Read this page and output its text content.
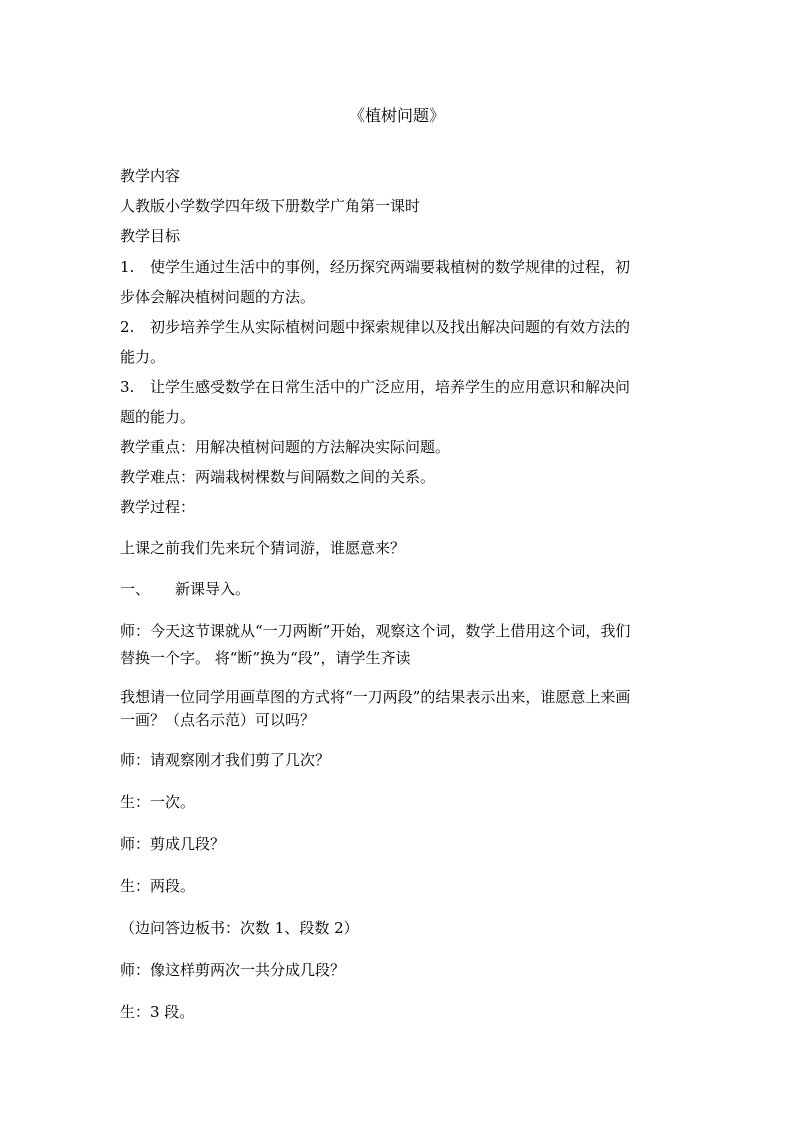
《植树问题》
教学内容
人教版小学数学四年级下册数学广角第一课时
教学目标
1. 使学生通过生活中的事例，经历探究两端要栽植树的数学规律的过程，初
步体会解决植树问题的方法。
2. 初步培养学生从实际植树问题中探索规律以及找出解决问题的有效方法的
能力。
3. 让学生感受数学在日常生活中的广泛应用，培养学生的应用意识和解决问
题的能力。
教学重点：用解决植树问题的方法解决实际问题。
教学难点：两端栽树棵数与间隔数之间的关系。
教学过程：
上课之前我们先来玩个猜词游，谁愿意来？
一、 新课导入。
师：今天这节课就从“一刀两断”开始，观察这个词，数学上借用这个词，我们
替换一个字。 将“断”换为“段”，请学生齐读
我想请一位同学用画草图的方式将“一刀两段”的结果表示出来，谁愿意上来画
一画？（点名示范）可以吗？
师：请观察刚才我们剪了几次？
生：一次。
师：剪成几段？
生：两段。
（边问答边板书：次数 1、段数 2）
师：像这样剪两次一共分成几段？
生：3 段。
